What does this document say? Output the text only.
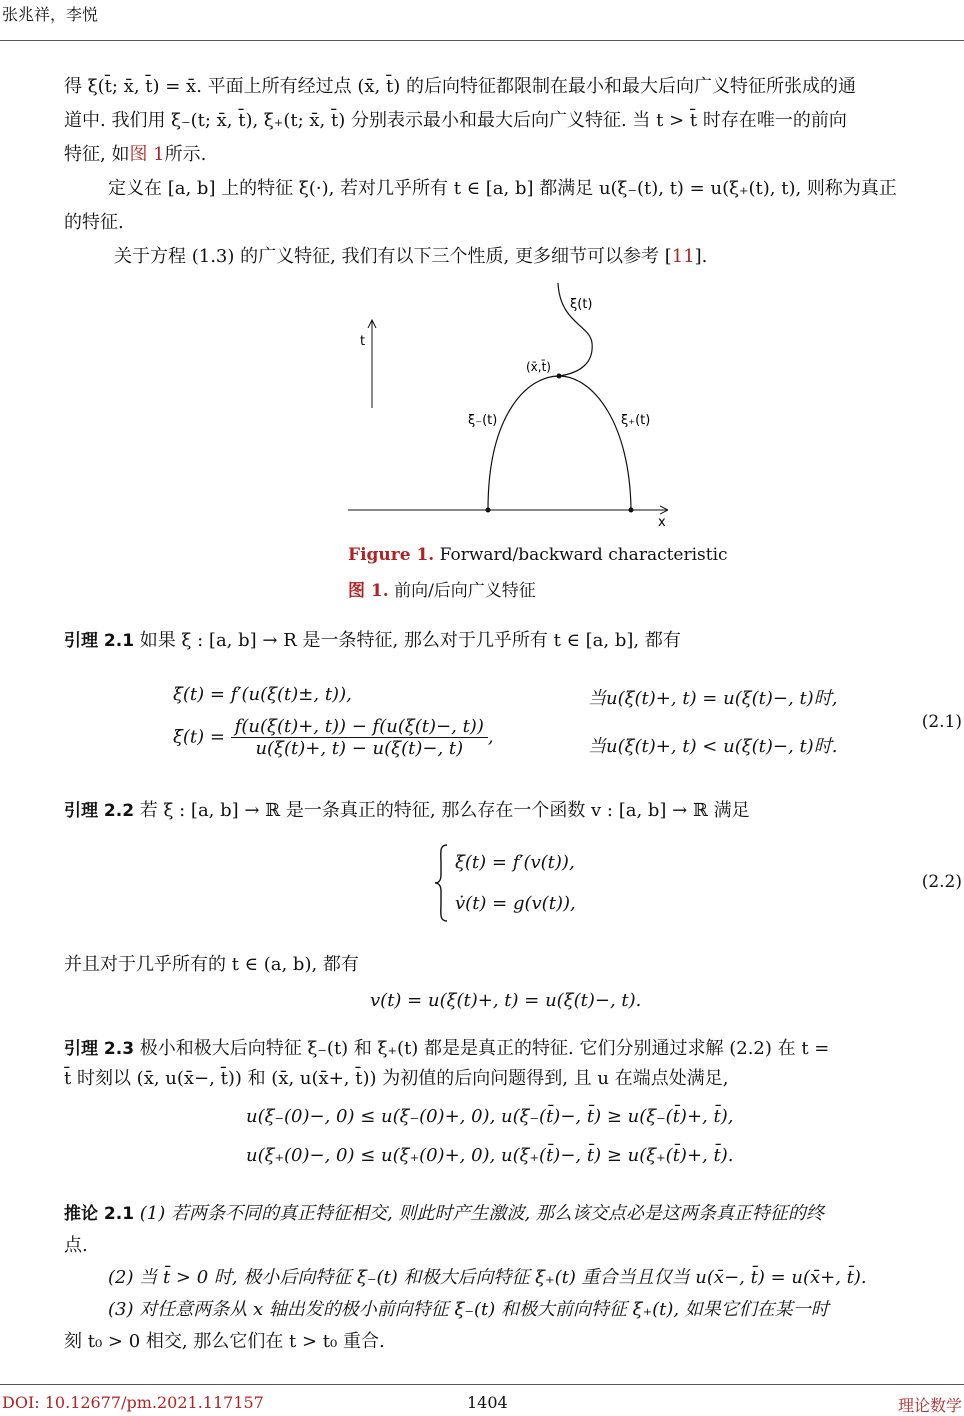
张兆祥，李悦

得 ξ(t̄; x̄, t̄) = x̄. 平面上所有经过点 (x̄, t̄) 的后向特征都限制在最小和最大后向广义特征所张成的通

道中. 我们用 ξ₋(t; x̄, t̄), ξ₊(t; x̄, t̄) 分别表示最小和最大后向广义特征. 当 t > t̄ 时存在唯一的前向

特征, 如图 1所示.

定义在 [a, b] 上的特征 ξ(·), 若对几乎所有 t ∈ [a, b] 都满足 u(ξ₋(t), t) = u(ξ₊(t), t), 则称为真正

的特征.

关于方程 (1.3) 的广义特征, 我们有以下三个性质, 更多细节可以参考 [11].

ξ(t)
t
(x̄,t̄)
ξ₋(t)	ξ₊(t)
x
Figure 1. Forward/backward characteristic
图 1. 前向/后向广义特征
引理 2.1 如果 ξ : [a, b] → R 是一条特征, 那么对于几乎所有 t ∈ [a, b], 都有
ξ̇(t) = f′(u(ξ(t)±, t)),	当u(ξ(t)+, t) = u(ξ(t)−, t)时,
ξ̇(t) = $\frac{f(u(\xi(t)+, t)) - f(u(\xi(t)-, t))}{u(\xi(t)+, t) - u(\xi(t)-, t)}$ ,	当u(ξ(t)+, t) < u(ξ(t)−, t)时.
(2.1)
引理 2.2 若 ξ : [a, b] → ℝ 是一条真正的特征, 那么存在一个函数 v : [a, b] → ℝ 满足
ξ̇(t) = f′(v(t)),
v̇(t) = g(v(t)),
(2.2)
并且对于几乎所有的 t ∈ (a, b), 都有
v(t) = u(ξ(t)+, t) = u(ξ(t)−, t).
引理 2.3 极小和极大后向特征 ξ₋(t) 和 ξ₊(t) 都是是真正的特征. 它们分别通过求解 (2.2) 在 t =
t̄ 时刻以 (x̄, u(x̄−, t̄)) 和 (x̄, u(x̄+, t̄)) 为初值的后向问题得到, 且 u 在端点处满足,
u(ξ₋(0)−, 0) ≤ u(ξ₋(0)+, 0), u(ξ₋(t̄)−, t̄) ≥ u(ξ₋(t̄)+, t̄),
u(ξ₊(0)−, 0) ≤ u(ξ₊(0)+, 0), u(ξ₊(t̄)−, t̄) ≥ u(ξ₊(t̄)+, t̄).
推论 2.1 (1) 若两条不同的真正特征相交, 则此时产生激波, 那么该交点必是这两条真正特征的终
点.
(2) 当 t̄ > 0 时, 极小后向特征 ξ₋(t) 和极大后向特征 ξ₊(t) 重合当且仅当 u(x̄−, t̄) = u(x̄+, t̄).
(3) 对任意两条从 x 轴出发的极小前向特征 ξ₋(t) 和极大前向特征 ξ₊(t), 如果它们在某一时
刻 t₀ > 0 相交, 那么它们在 t > t₀ 重合.
DOI: 10.12677/pm.2021.117157	1404	理论数学
